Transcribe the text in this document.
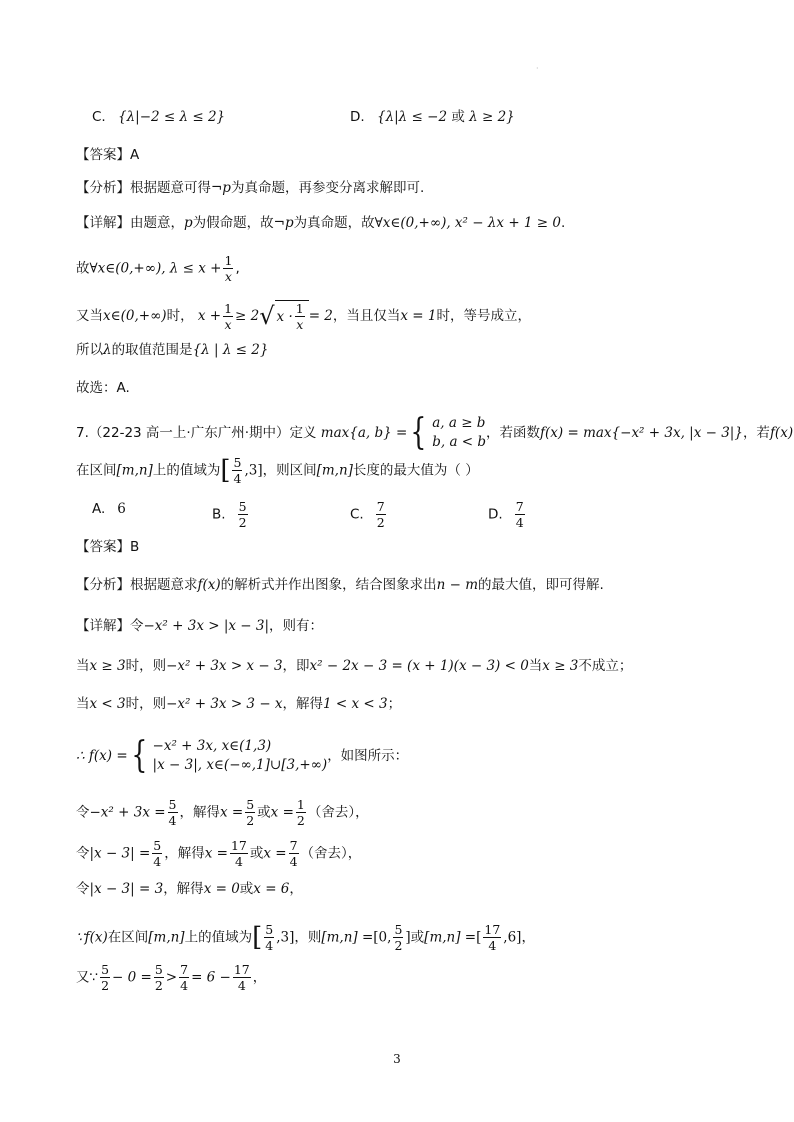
·
C. {λ|−2 ≤ λ ≤ 2}	D. {λ|λ ≤ −2 或 λ ≥ 2}
【答案】A
【分析】根据题意可得¬p为真命题，再参变分离求解即可.
【详解】由题意，p为假命题，故¬p为真命题，故∀x∈(0,+∞), x² − λx + 1 ≥ 0.
故∀x∈(0,+∞), $\lambda \le x + \frac{1}{x}$ ,
又当x∈(0,+∞)时， $x + \frac{1}{x} \ge 2$ √ $x \cdot \frac{1}{x} = 2$，当且仅当x = 1时，等号成立，
所以λ的取值范围是{λ | λ ≤ 2}
故选：A.
7.（22-23 高一上·广东广州·期中）定义 max{a, b} = { a, a ≥ b
b, a < b
，若函数f(x) = max{−x² + 3x, |x − 3|}，若f(x)
在区间[m,n]上的值域为[ $\frac{5}{4} ,3$]，则区间[m,n]长度的最大值为（ ）
A. 6	B. $\frac{5}{2}$	C. $\frac{7}{2}$	D. $\frac{7}{4}$
【答案】B
【分析】根据题意求f(x)的解析式并作出图象，结合图象求出n − m的最大值，即可得解.
【详解】令−x² + 3x > |x − 3|，则有：
当x ≥ 3时，则−x² + 3x > x − 3，即x² − 2x − 3 = (x + 1)(x − 3) < 0当x ≥ 3不成立；
当x < 3时，则−x² + 3x > 3 − x，解得1 < x < 3；
∴ f(x) = { −x² + 3x, x∈(1,3)
|x − 3|, x∈(−∞,1]∪[3,+∞)
，如图所示：
令$-x^2 + 3x = \frac{5}{4}$ ，解得$x = \frac{5}{2}$ 或$x = \frac{1}{2}$ （舍去），
令$|x - 3| = \frac{5}{4}$ ，解得$x = \frac{17}{4}$ 或$x = \frac{7}{4}$ （舍去），
令|x − 3| = 3，解得x = 0或x = 6，
∵f(x)在区间[m,n]上的值域为[ $\frac{5}{4} ,3$]，则[m,n] =[0, $\frac{5}{2}$ ]或[m,n] =[ $\frac{17}{4} ,6$]，
又∵ $\frac{5}{2} - 0 = \frac{5}{2} > \frac{7}{4} = 6 - \frac{17}{4}$ ，
3
